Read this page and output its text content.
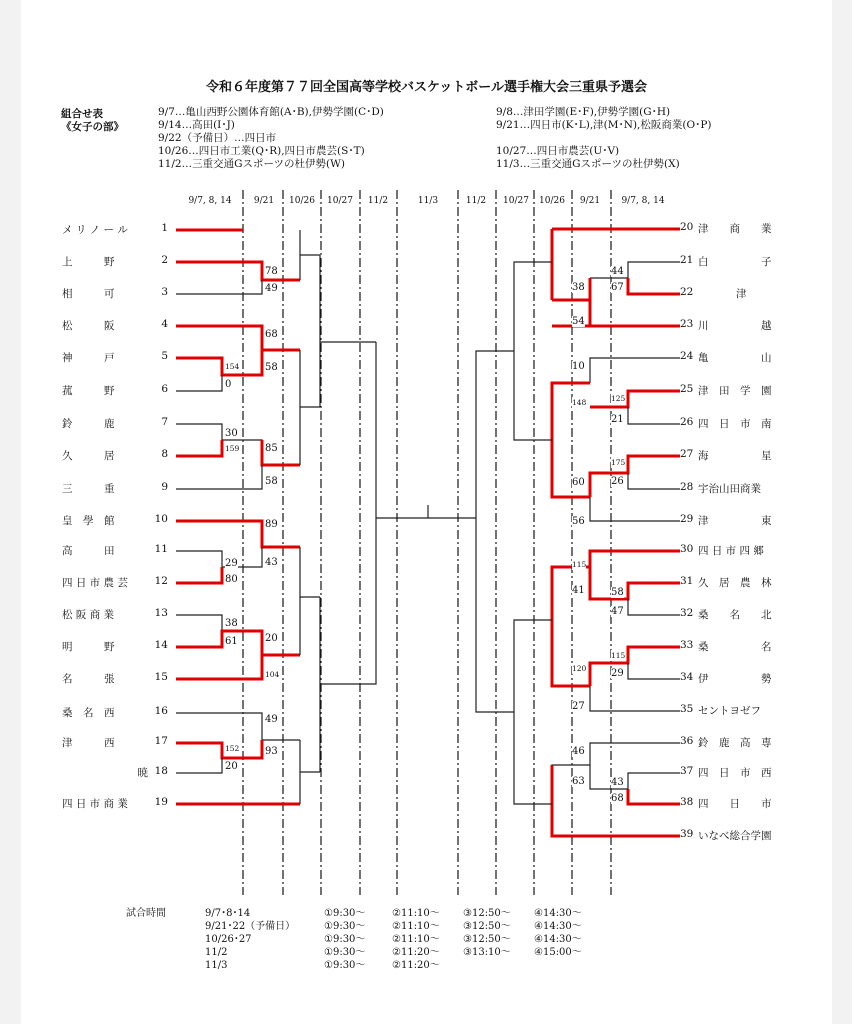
令和６年度第７７回全国高等学校バスケットボール選手権大会三重県予選会
組合せ表
《女子の部》
9/7…亀山西野公園体育館(A･B),伊勢学園(C･D)
9/14…高田(I･J)
9/22（予備日）…四日市
10/26…四日市工業(Q･R),四日市農芸(S･T)
11/2…三重交通Gスポーツの杜伊勢(W)
9/8…津田学園(E･F),伊勢学園(G･H)
9/21…四日市(K･L),津(M･N),松阪商業(O･P)
10/27…四日市農芸(U･V)
11/3…三重交通Gスポーツの杜伊勢(X)
9/7, 8, 14	9/21	10/26	10/27	11/2	11/3	11/2	10/27	10/26	9/21	9/7, 8, 14
メ リ ノ ー ル	1
上　　　野	2
相　　　可	3
松　　　阪	4
神　　　戸	5
菰　　　野	6
鈴　　　鹿	7
久　　　居	8
三　　　重	9
皇　學　館	10
高　　　田	11
四 日 市 農 芸	12
松 阪 商 業	13
明　　　野	14
名　　　張	15
桑　名　西	16
津　　　西	17
暁 18
四 日 市 商 業	19
20 津　　商　　業
21 白　　　　　子
22	津
23 川　　　　　越
24 亀　　　　　山
25 津　田　学　園
26 四　日　市　南
27 海　　　　　星
28 宇治山田商業
29 津　　　　　東
30 四 日 市 四 郷
31 久　居　農　林
32 桑　　名　　北
33 桑　　　　　名
34 伊　　　　　勢
35 セントヨゼフ
36 鈴　鹿　高　専
37 四　日　市　西
38 四　　日　　市
39 いなべ総合学園
78
49
68
58
154
0
30
159	85
58
89
43
29
80
38
61	20
104
49
152	93
20
44
67
38
54
10
148	125
21
175
26
60
56
115
41	58
47
115
29
120
27
46
63	43
68
試合時間	9/7･8･14	①9:30～	②11:10～ ③12:50～ ④14:30～
9/21･22（予備日）	①9:30～	②11:10～ ③12:50～ ④14:30～
10/26･27	①9:30～	②11:10～ ③12:50～ ④14:30～
11/2	①9:30～	②11:20～ ③13:10～ ④15:00～
11/3	①9:30～	②11:20～
